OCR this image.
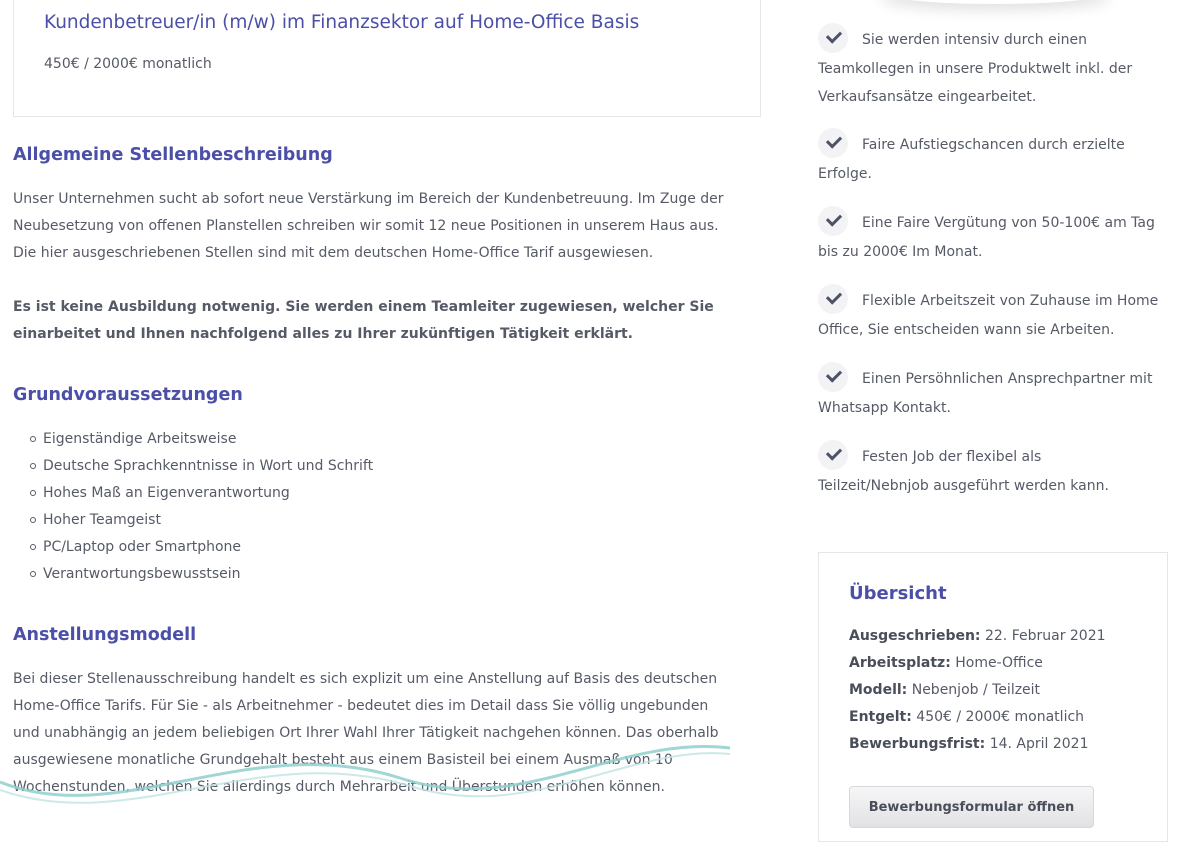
Kundenbetreuer/in (m/w) im Finanzsektor auf Home-Office Basis
450€ / 2000€ monatlich
Allgemeine Stellenbeschreibung
Unser Unternehmen sucht ab sofort neue Verstärkung im Bereich der Kundenbetreuung. Im Zuge der
Neubesetzung von offenen Planstellen schreiben wir somit 12 neue Positionen in unserem Haus aus.
Die hier ausgeschriebenen Stellen sind mit dem deutschen Home-Office Tarif ausgewiesen.
Es ist keine Ausbildung notwenig. Sie werden einem Teamleiter zugewiesen, welcher Sie
einarbeitet und Ihnen nachfolgend alles zu Ihrer zukünftigen Tätigkeit erklärt.
Grundvoraussetzungen
Eigenständige Arbeitsweise
Deutsche Sprachkenntnisse in Wort und Schrift
Hohes Maß an Eigenverantwortung
Hoher Teamgeist
PC/Laptop oder Smartphone
Verantwortungsbewusstsein
Anstellungsmodell
Bei dieser Stellenausschreibung handelt es sich explizit um eine Anstellung auf Basis des deutschen
Home-Office Tarifs. Für Sie - als Arbeitnehmer - bedeutet dies im Detail dass Sie völlig ungebunden
und unabhängig an jedem beliebigen Ort Ihrer Wahl Ihrer Tätigkeit nachgehen können. Das oberhalb
ausgewiesene monatliche Grundgehalt besteht aus einem Basisteil bei einem Ausmaß von 10
Wochenstunden, welchen Sie allerdings durch Mehrarbeit und Überstunden erhöhen können.
Sie werden intensiv durch einen
Teamkollegen in unsere Produktwelt inkl. der
Verkaufsansätze eingearbeitet.
Faire Aufstiegschancen durch erzielte
Erfolge.
Eine Faire Vergütung von 50-100€ am Tag
bis zu 2000€ Im Monat.
Flexible Arbeitszeit von Zuhause im Home
Office, Sie entscheiden wann sie Arbeiten.
Einen Persöhnlichen Ansprechpartner mit
Whatsapp Kontakt.
Festen Job der flexibel als
Teilzeit/Nebnjob ausgeführt werden kann.
Übersicht
Ausgeschrieben: 22. Februar 2021
Arbeitsplatz: Home-Office
Modell: Nebenjob / Teilzeit
Entgelt: 450€ / 2000€ monatlich
Bewerbungsfrist: 14. April 2021
Bewerbungsformular öffnen
